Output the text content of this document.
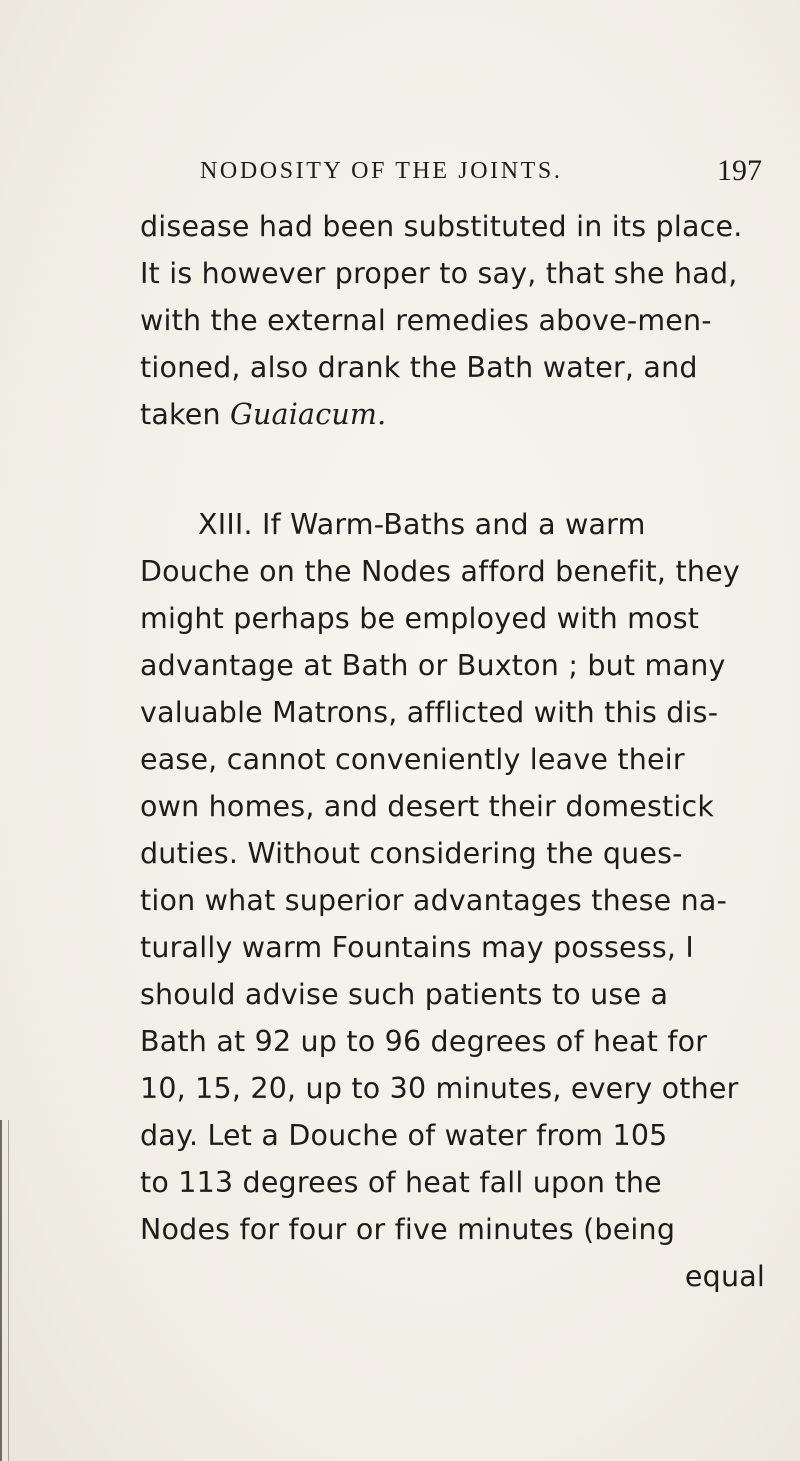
NODOSITY OF THE JOINTS.	197
disease had been substituted in its place.
It is however proper to say, that she had,
with the external remedies above-men-
tioned, also drank the Bath water, and
taken Guaiacum.
XIII. If Warm-Baths and a warm
Douche on the Nodes afford benefit, they
might perhaps be employed with most
advantage at Bath or Buxton ; but many
valuable Matrons, afflicted with this dis-
ease, cannot conveniently leave their
own homes, and desert their domestick
duties. Without considering the ques-
tion what superior advantages these na-
turally warm Fountains may possess, I
should advise such patients to use a
Bath at 92 up to 96 degrees of heat for
10, 15, 20, up to 30 minutes, every other
day. Let a Douche of water from 105
to 113 degrees of heat fall upon the
Nodes for four or five minutes (being
equal
